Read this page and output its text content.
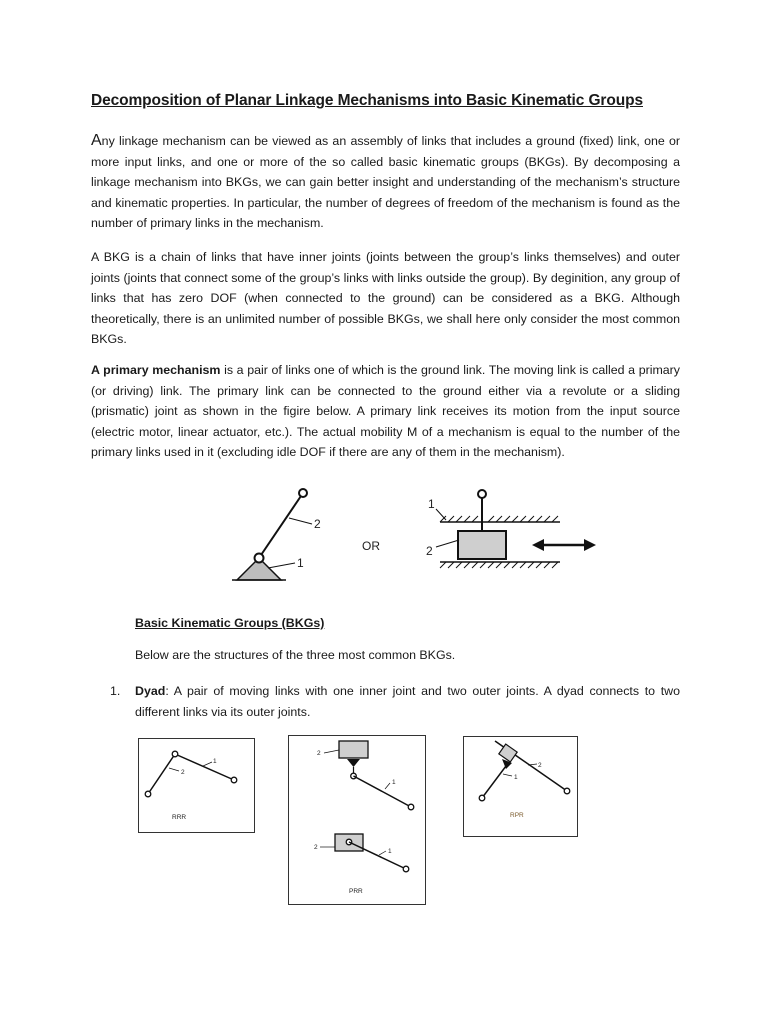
Decomposition of Planar Linkage Mechanisms into Basic Kinematic Groups

Any linkage mechanism can be viewed as an assembly of links that includes a ground (fixed) link, one or more input links, and one or more of the so called basic kinematic groups (BKGs). By decomposing a linkage mechanism into BKGs, we can gain better insight and understanding of the mechanism’s structure and kinematic properties. In particular, the number of degrees of freedom of the mechanism is found as the number of primary links in the mechanism.

A BKG is a chain of links that have inner joints (joints between the group’s links themselves) and outer joints (joints that connect some of the group’s links with links outside the group). By deginition, any group of links that has zero DOF (when connected to the ground) can be considered as a BKG. Although theoretically, there is an unlimited number of possible BKGs, we shall here only consider the most common BKGs.

A primary mechanism is a pair of links one of which is the ground link. The moving link is called a primary (or driving) link. The primary link can be connected to the ground either via a revolute or a sliding (prismatic) joint as shown in the figire below. A primary link receives its motion from the input source (electric motor, linear actuator, etc.). The actual mobility M of a mechanism is equal to the number of the primary links used in it (excluding idle DOF if there are any of them in the mechanism).

2
1
OR
1
2

Basic Kinematic Groups (BKGs)

Below are the structures of the three most common BKGs.

1. Dyad: A pair of moving links with one inner joint and two outer joints. A dyad connects to two different links via its outer joints.
1
2
RRR
2
1
2
1
PRR
2
1
RPR
